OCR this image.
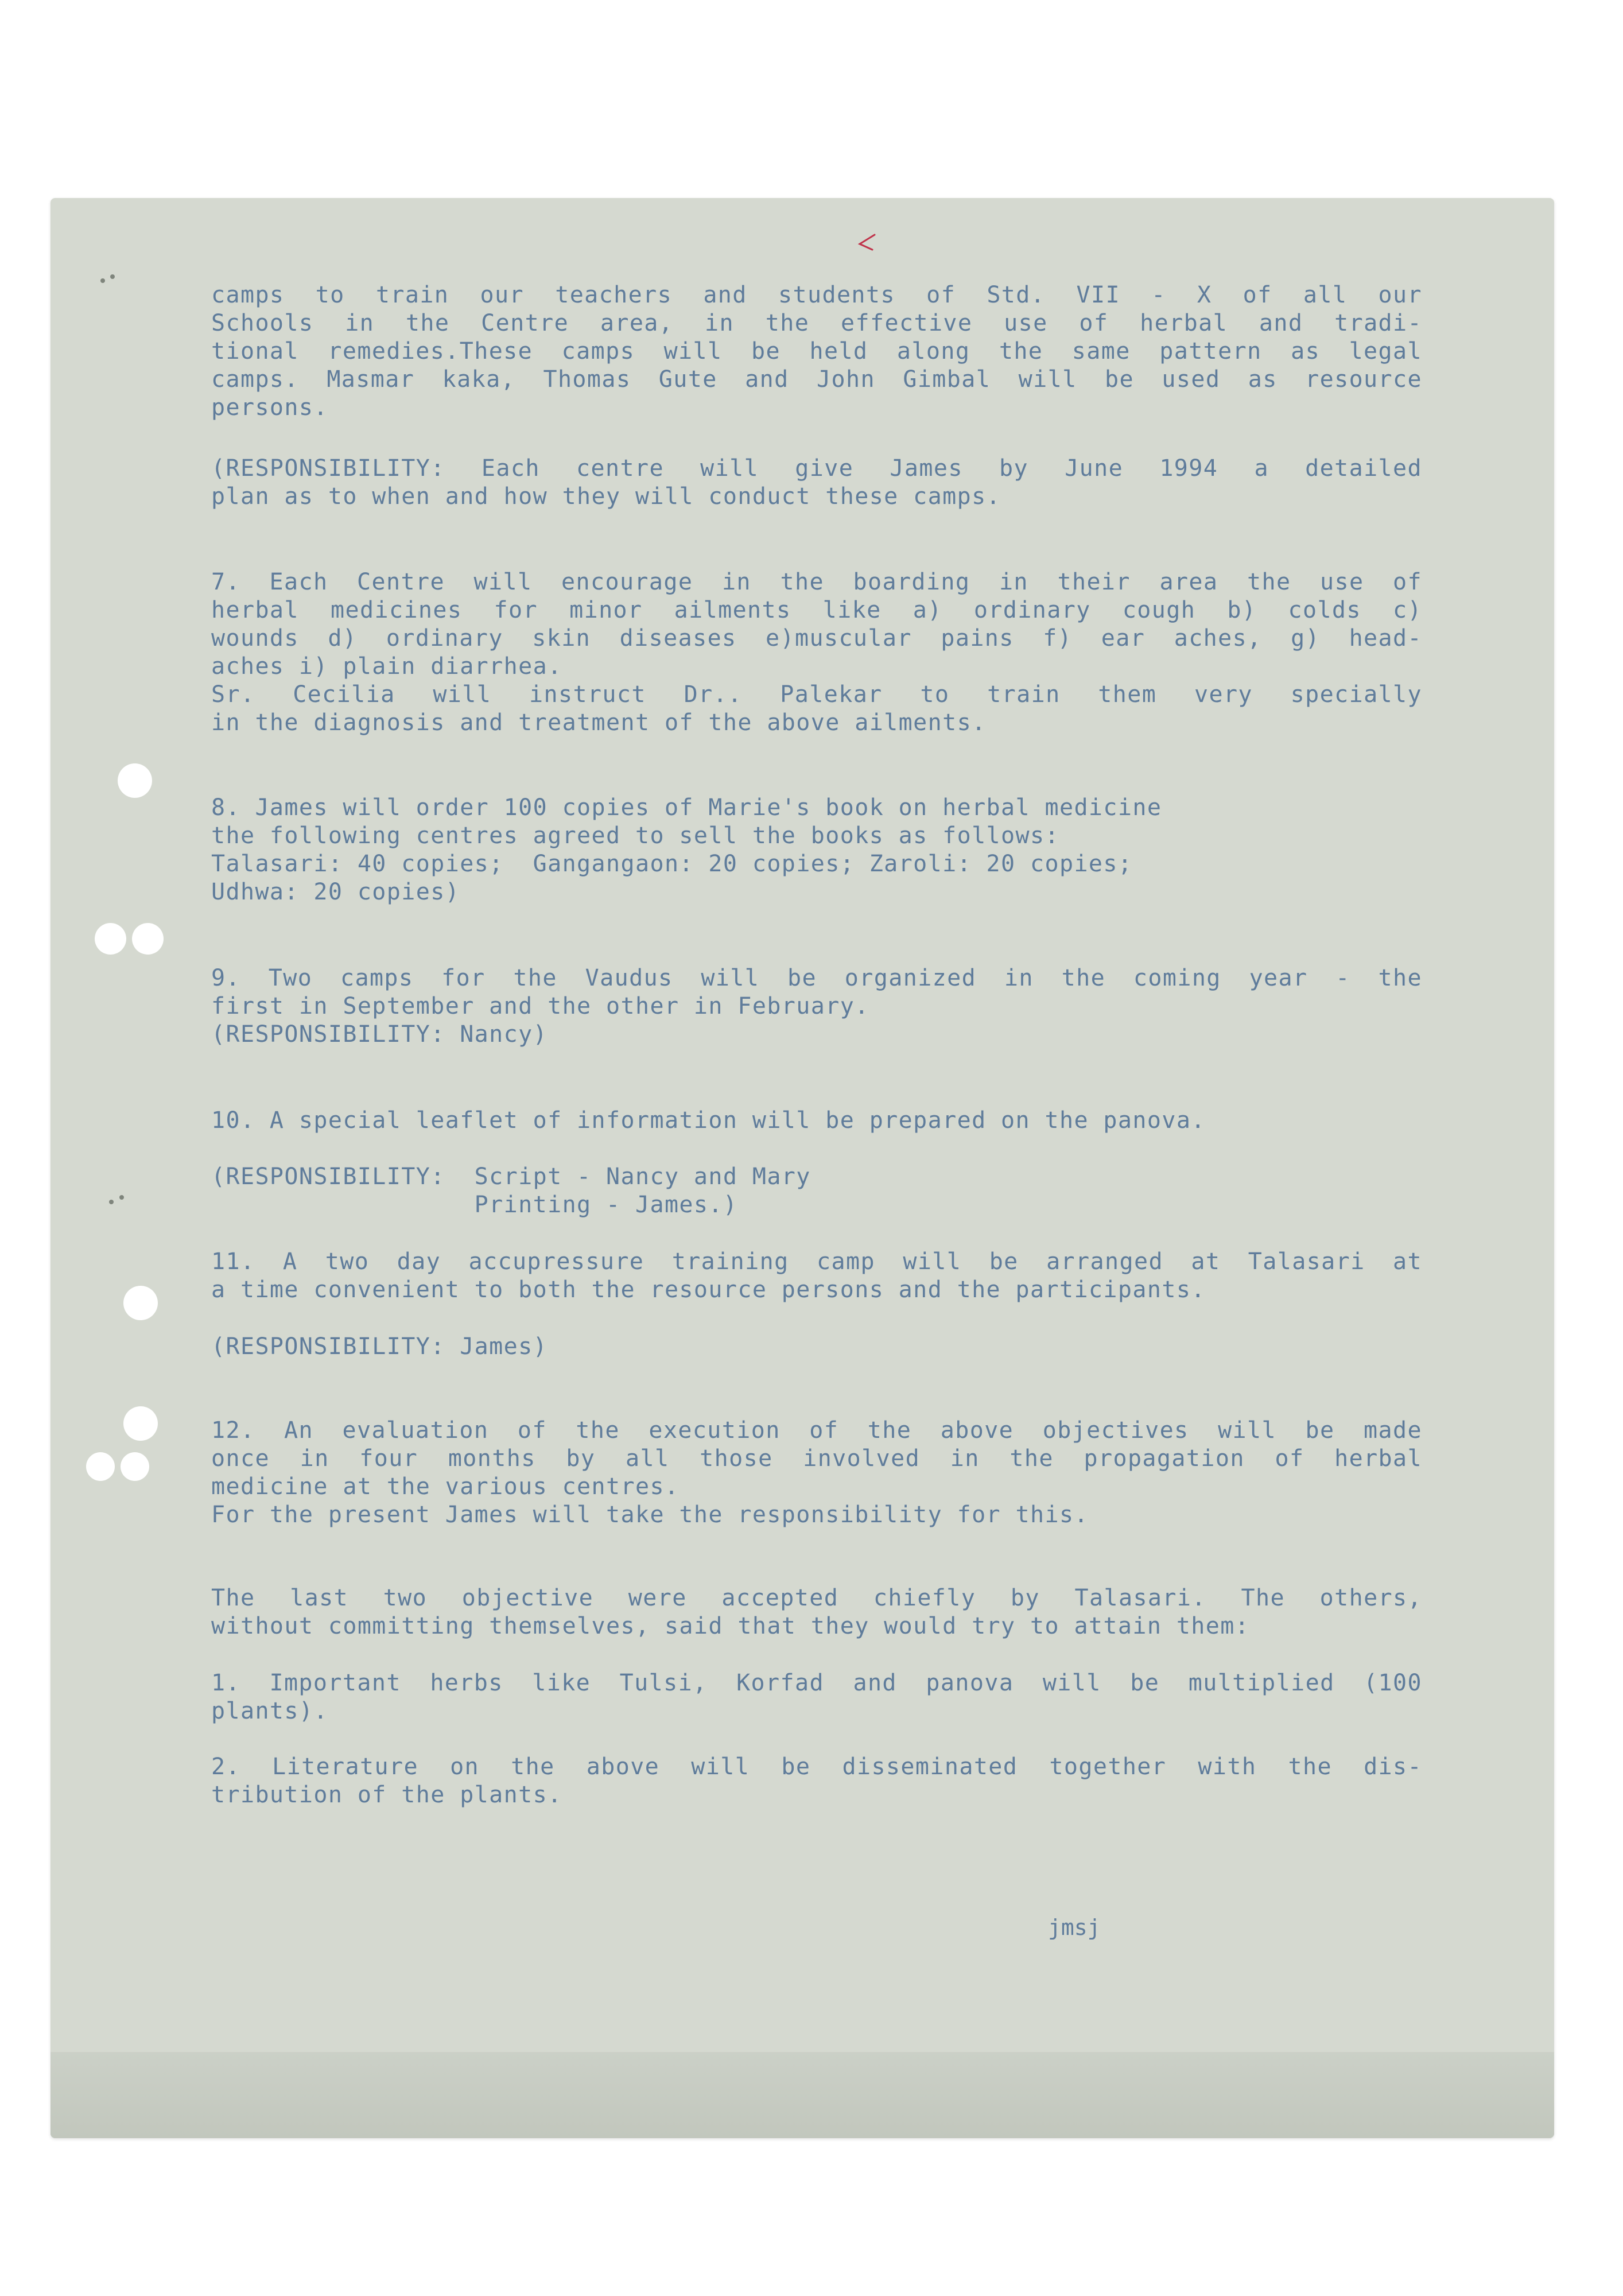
camps to train our teachers and students of Std. VII - X of all our
Schools in the Centre area, in the effective use of herbal and tradi-
tional remedies.These camps will be held along the same pattern as legal
camps. Masmar kaka, Thomas Gute and John Gimbal will be used as resource
persons.
(RESPONSIBILITY: Each centre will give James by June 1994 a detailed
plan as to when and how they will conduct these camps.
7. Each Centre will encourage in the boarding in their area the use of
herbal medicines for minor ailments like a) ordinary cough b) colds c)
wounds d) ordinary skin diseases e)muscular pains f) ear aches, g) head-
aches i) plain diarrhea.
Sr. Cecilia will instruct Dr.. Palekar to train them very specially
in the diagnosis and treatment of the above ailments.
8. James will order 100 copies of Marie's book on herbal medicine
the following centres agreed to sell the books as follows:
Talasari: 40 copies;  Gangangaon: 20 copies; Zaroli: 20 copies;
Udhwa: 20 copies)
9. Two camps for the Vaudus will be organized in the coming year - the
first in September and the other in February.
(RESPONSIBILITY: Nancy)
10. A special leaflet of information will be prepared on the panova.
(RESPONSIBILITY:  Script - Nancy and Mary
Printing - James.)
11. A two day accupressure training camp will be arranged at Talasari at
a time convenient to both the resource persons and the participants.
(RESPONSIBILITY: James)
12. An evaluation of the execution of the above objectives will be made
once in four months by all those involved in the propagation of herbal
medicine at the various centres.
For the present James will take the responsibility for this.
The last two objective were accepted chiefly by Talasari. The others,
without committing themselves, said that they would try to attain them:
1. Important herbs like Tulsi, Korfad and panova will be multiplied (100
plants).
2. Literature on the above will be disseminated together with the dis-
tribution of the plants.
jmsj
